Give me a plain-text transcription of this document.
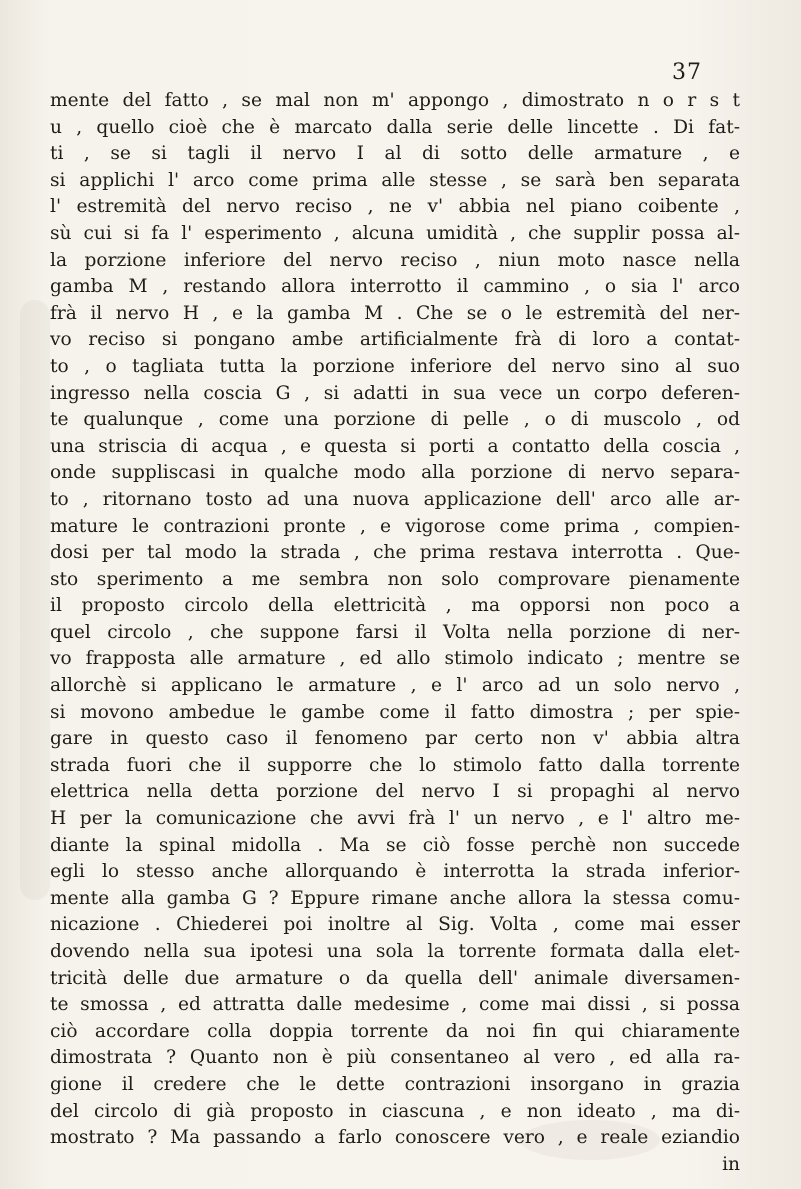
37
mente del fatto , se mal non m' appongo , dimostrato n o r s t
u , quello cioè che è marcato dalla serie delle lincette . Di fat-
ti , se si tagli il nervo I al di sotto delle armature , e
si applichi l' arco come prima alle stesse , se sarà ben separata
l' estremità del nervo reciso , ne v' abbia nel piano coibente ,
sù cui si fa l' esperimento , alcuna umidità , che supplir possa al-
la porzione inferiore del nervo reciso , niun moto nasce nella
gamba M , restando allora interrotto il cammino , o sia l' arco
frà il nervo H , e la gamba M . Che se o le estremità del ner-
vo reciso si pongano ambe artificialmente frà di loro a contat-
to , o tagliata tutta la porzione inferiore del nervo sino al suo
ingresso nella coscia G , si adatti in sua vece un corpo deferen-
te qualunque , come una porzione di pelle , o di muscolo , od
una striscia di acqua , e questa si porti a contatto della coscia ,
onde suppliscasi in qualche modo alla porzione di nervo separa-
to , ritornano tosto ad una nuova applicazione dell' arco alle ar-
mature le contrazioni pronte , e vigorose come prima , compien-
dosi per tal modo la strada , che prima restava interrotta . Que-
sto sperimento a me sembra non solo comprovare pienamente
il proposto circolo della elettricità , ma opporsi non poco a
quel circolo , che suppone farsi il Volta nella porzione di ner-
vo frapposta alle armature , ed allo stimolo indicato ; mentre se
allorchè si applicano le armature , e l' arco ad un solo nervo ,
si movono ambedue le gambe come il fatto dimostra ; per spie-
gare in questo caso il fenomeno par certo non v' abbia altra
strada fuori che il supporre che lo stimolo fatto dalla torrente
elettrica nella detta porzione del nervo I si propaghi al nervo
H per la comunicazione che avvi frà l' un nervo , e l' altro me-
diante la spinal midolla . Ma se ciò fosse perchè non succede
egli lo stesso anche allorquando è interrotta la strada inferior-
mente alla gamba G ? Eppure rimane anche allora la stessa comu-
nicazione . Chiederei poi inoltre al Sig. Volta , come mai esser
dovendo nella sua ipotesi una sola la torrente formata dalla elet-
tricità delle due armature o da quella dell' animale diversamen-
te smossa , ed attratta dalle medesime , come mai dissi , si possa
ciò accordare colla doppia torrente da noi fin qui chiaramente
dimostrata ? Quanto non è più consentaneo al vero , ed alla ra-
gione il credere che le dette contrazioni insorgano in grazia
del circolo di già proposto in ciascuna , e non ideato , ma di-
mostrato ? Ma passando a farlo conoscere vero , e reale eziandio
in
